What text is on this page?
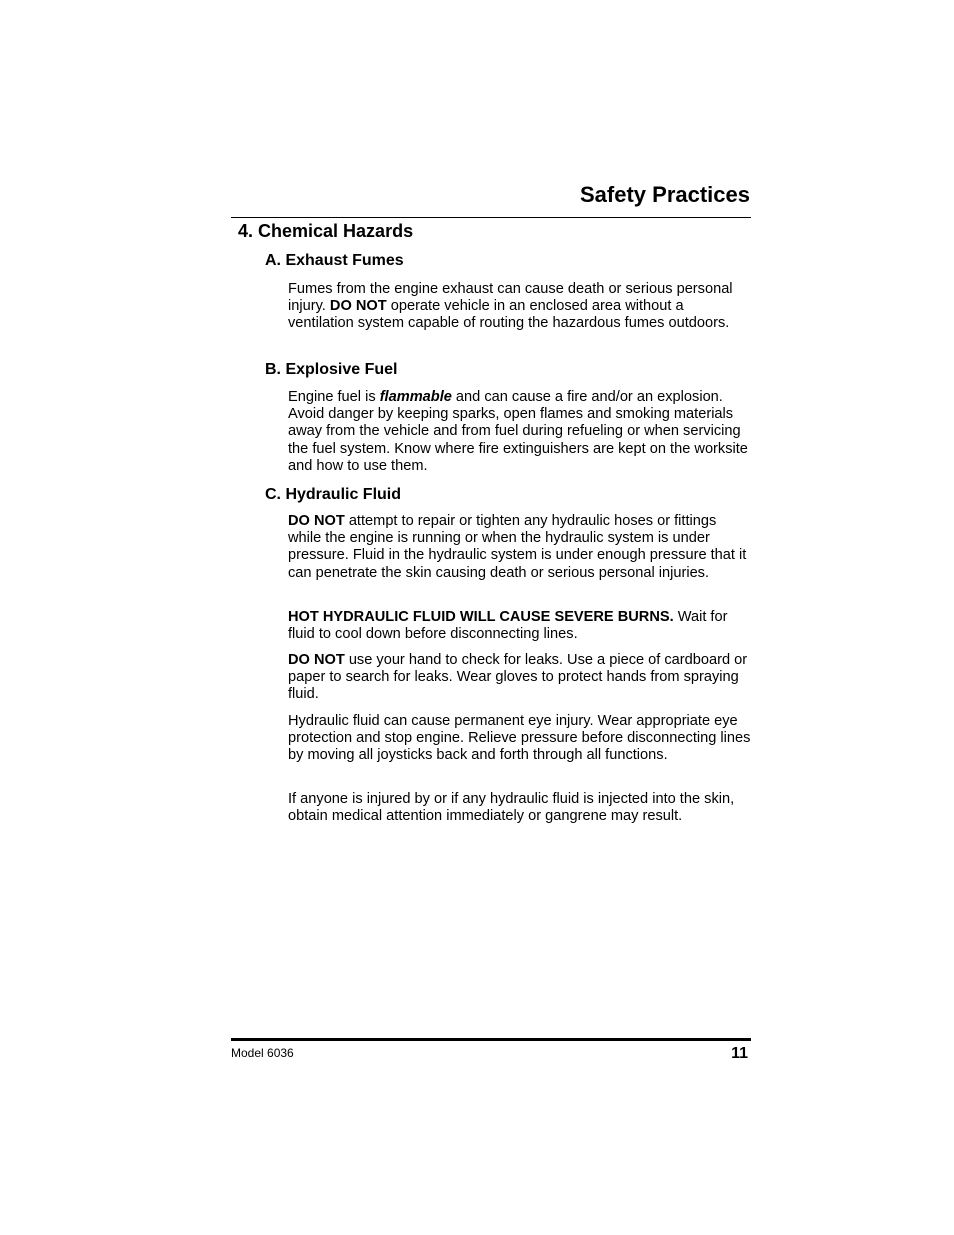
Safety Practices
4. Chemical Hazards
A. Exhaust Fumes

Fumes from the engine exhaust can cause death or serious personal injury. DO NOT operate vehicle in an enclosed area without a ventilation system capable of routing the hazardous fumes outdoors.

B. Explosive Fuel

Engine fuel is flammable and can cause a fire and/or an explosion. Avoid danger by keeping sparks, open flames and smoking materials away from the vehicle and from fuel during refueling or when servicing the fuel system. Know where fire extinguishers are kept on the worksite and how to use them.

C. Hydraulic Fluid

DO NOT attempt to repair or tighten any hydraulic hoses or fittings while the engine is running or when the hydraulic system is under pressure. Fluid in the hydraulic system is under enough pressure that it can penetrate the skin causing death or serious personal injuries.

HOT HYDRAULIC FLUID WILL CAUSE SEVERE BURNS. Wait for fluid to cool down before disconnecting lines.

DO NOT use your hand to check for leaks. Use a piece of cardboard or paper to search for leaks. Wear gloves to protect hands from spraying fluid.

Hydraulic fluid can cause permanent eye injury. Wear appropriate eye protection and stop engine. Relieve pressure before disconnecting lines by moving all joysticks back and forth through all functions.

If anyone is injured by or if any hydraulic fluid is injected into the skin, obtain medical attention immediately or gangrene may result.

Model 6036	11
